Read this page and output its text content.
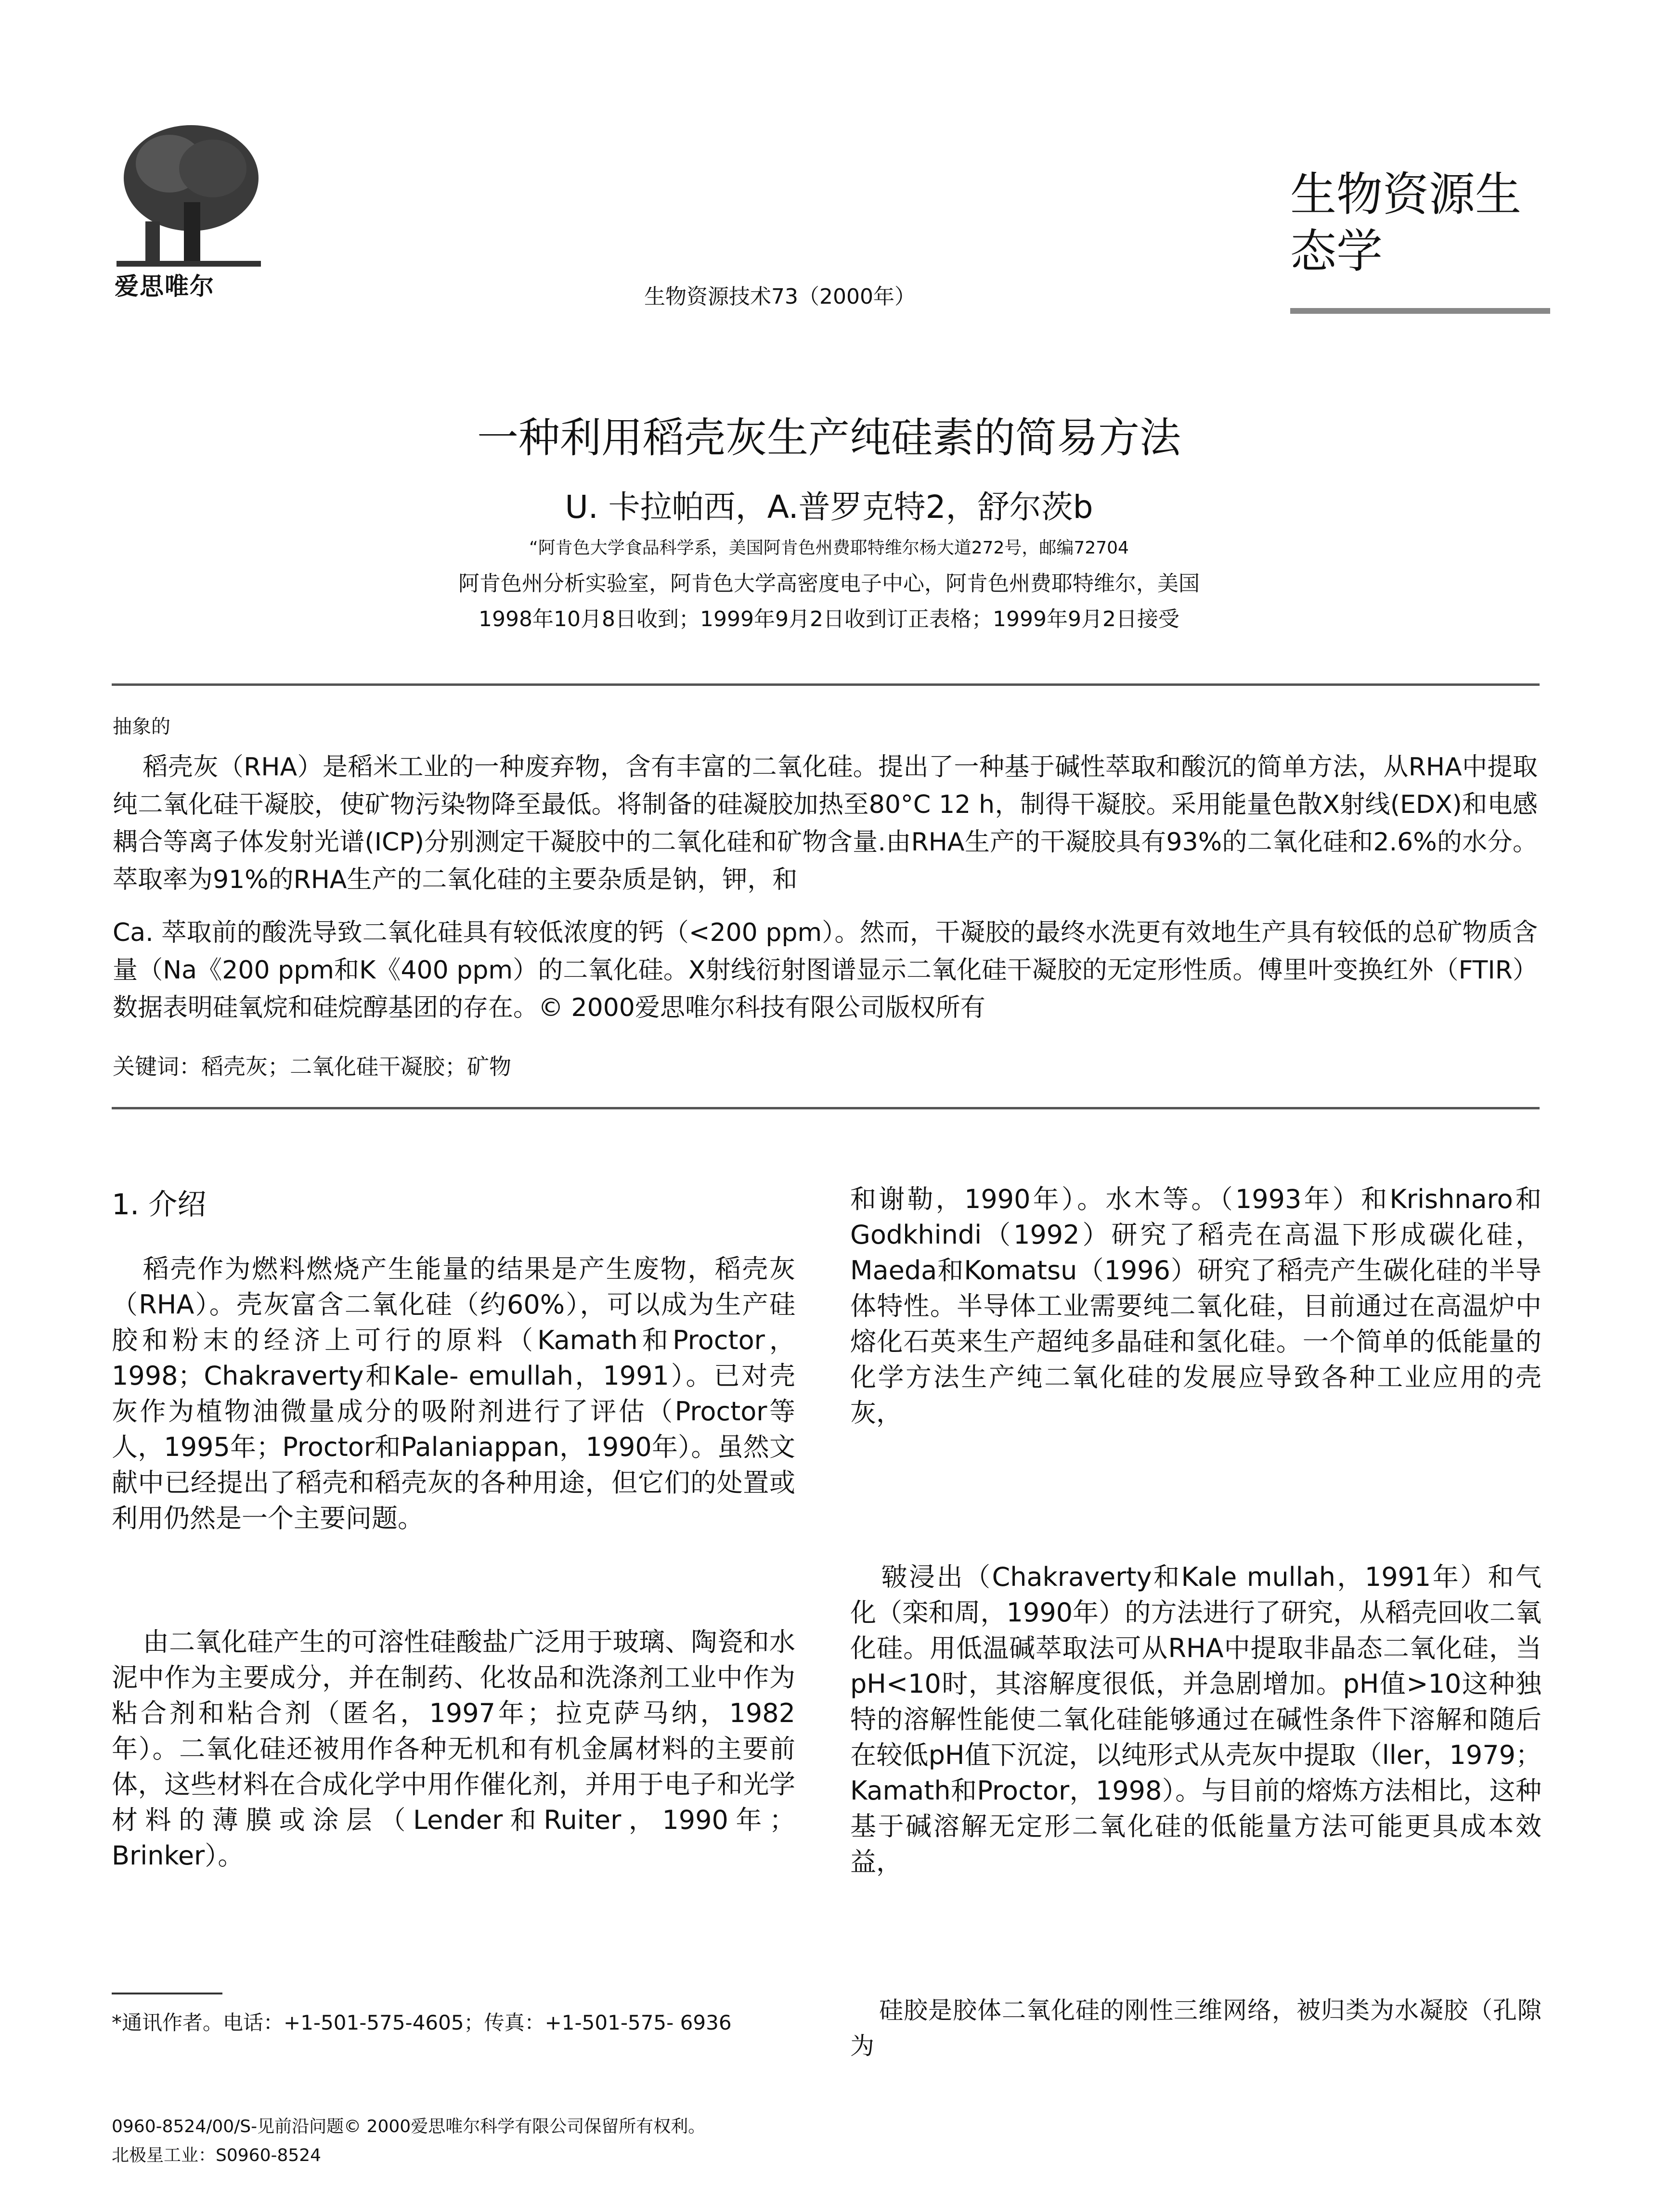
爱思唯尔
生物资源生态学
生物资源技术73（2000年）
一种利用稻壳灰生产纯硅素的简易方法
U. 卡拉帕西，A.普罗克特2，舒尔茨b
“阿肯色大学食品科学系，美国阿肯色州费耶特维尔杨大道272号，邮编72704
阿肯色州分析实验室，阿肯色大学高密度电子中心，阿肯色州费耶特维尔，美国
1998年10月8日收到；1999年9月2日收到订正表格；1999年9月2日接受
抽象的

稻壳灰（RHA）是稻米工业的一种废弃物，含有丰富的二氧化硅。提出了一种基于碱性萃取和酸沉的简单方法，从RHA中提取纯二氧化硅干凝胶，使矿物污染物降至最低。将制备的硅凝胶加热至80°C 12 h，制得干凝胶。采用能量色散X射线(EDX)和电感耦合等离子体发射光谱(ICP)分别测定干凝胶中的二氧化硅和矿物含量.由RHA生产的干凝胶具有93%的二氧化硅和2.6%的水分。 萃取率为91%的RHA生产的二氧化硅的主要杂质是钠，钾，和

Ca. 萃取前的酸洗导致二氧化硅具有较低浓度的钙（<200 ppm）。然而，干凝胶的最终水洗更有效地生产具有较低的总矿物质含量（Na《200 ppm和K《400 ppm）的二氧化硅。X射线衍射图谱显示二氧化硅干凝胶的无定形性质。傅里叶变换红外（FTIR）数据表明硅氧烷和硅烷醇基团的存在。© 2000爱思唯尔科技有限公司版权所有

关键词：稻壳灰；二氧化硅干凝胶；矿物
1. 介绍
稻壳作为燃料燃烧产生能量的结果是产生废物，稻壳灰（RHA）。壳灰富含二氧化硅（约60%），可以成为生产硅胶和粉末的经济上可行的原料（Kamath和Proctor，1998；Chakraverty和Kale- emullah，1991）。已对壳灰作为植物油微量成分的吸附剂进行了评估（Proctor等人，1995年；Proctor和Palaniappan，1990年）。虽然文献中已经提出了稻壳和稻壳灰的各种用途，但它们的处置或利用仍然是一个主要问题。
由二氧化硅产生的可溶性硅酸盐广泛用于玻璃、陶瓷和水泥中作为主要成分，并在制药、化妆品和洗涤剂工业中作为粘合剂和粘合剂（匿名，1997年；拉克萨马纳，1982年）。二氧化硅还被用作各种无机和有机金属材料的主要前体，这些材料在合成化学中用作催化剂，并用于电子和光学材料的薄膜或涂层（Lender和Ruiter，1990年；Brinker）。
和谢勒，1990年）。水木等。（1993年）和Krishnaro和Godkhindi（1992）研究了稻壳在高温下形成碳化硅，Maeda和Komatsu（1996）研究了稻壳产生碳化硅的半导体特性。半导体工业需要纯二氧化硅，目前通过在高温炉中熔化石英来生产超纯多晶硅和氢化硅。一个简单的低能量的化学方法生产纯二氧化硅的发展应导致各种工业应用的壳灰，
皲浸出（Chakraverty和Kale mullah，1991年）和气化（栾和周，1990年）的方法进行了研究，从稻壳回收二氧化硅。用低温碱萃取法可从RHA中提取非晶态二氧化硅，当pH<10时，其溶解度很低，并急剧增加。pH值>10这种独特的溶解性能使二氧化硅能够通过在碱性条件下溶解和随后在较低pH值下沉淀，以纯形式从壳灰中提取（ller，1979；Kamath和Proctor，1998）。与目前的熔炼方法相比，这种基于碱溶解无定形二氧化硅的低能量方法可能更具成本效益，
硅胶是胶体二氧化硅的刚性三维网络，被归类为水凝胶（孔隙为
*通讯作者。电话：+1-501-575-4605；传真：+1-501-575- 6936
0960-8524/00/S-见前沿问题© 2000爱思唯尔科学有限公司保留所有权利。
北极星工业：S0960-8524
